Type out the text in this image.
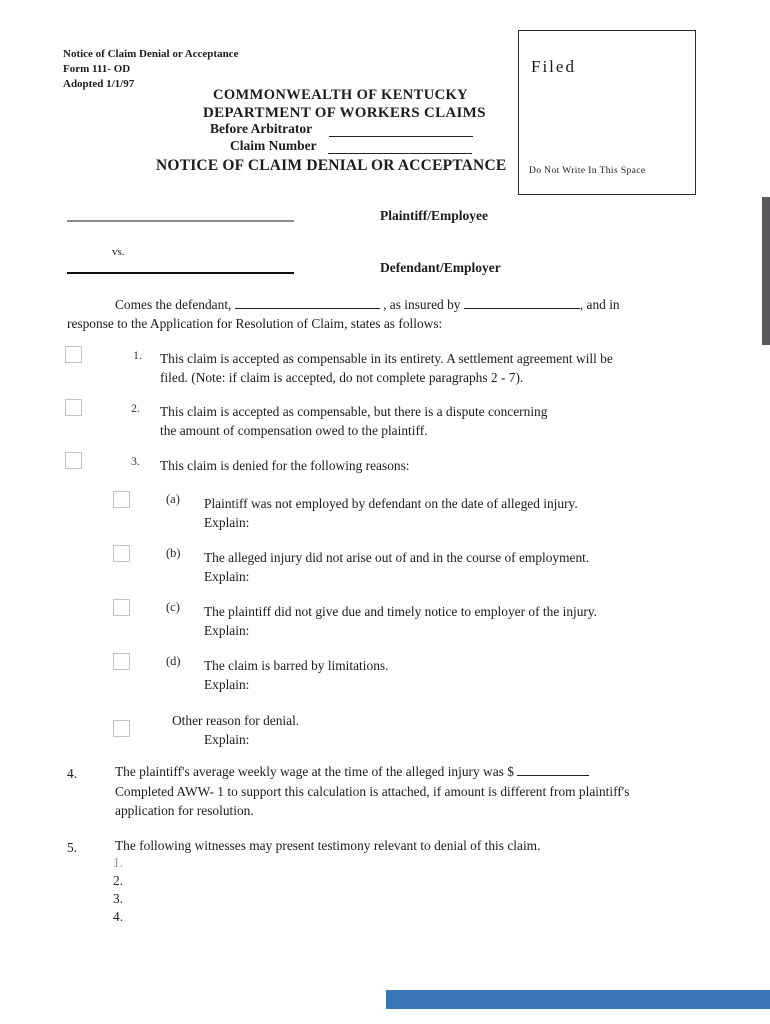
Notice of Claim Denial or Acceptance
Form 111- OD
Adopted 1/1/97
Filed
Do Not Write In This Space
COMMONWEALTH OF KENTUCKY
DEPARTMENT OF WORKERS CLAIMS
Before Arbitrator
Claim Number
NOTICE OF CLAIM DENIAL OR ACCEPTANCE
Plaintiff/Employee
vs.
Defendant/Employer
Comes the defendant,	, as insured by	, and in
response to the Application for Resolution of Claim, states as follows:
1. This claim is accepted as compensable in its entirety. A settlement agreement will be
filed. (Note: if claim is accepted, do not complete paragraphs 2 - 7).
2. This claim is accepted as compensable, but there is a dispute concerning
the amount of compensation owed to the plaintiff.
3. This claim is denied for the following reasons:
(a) Plaintiff was not employed by defendant on the date of alleged injury.
Explain:
(b) The alleged injury did not arise out of and in the course of employment.
Explain:
(c) The plaintiff did not give due and timely notice to employer of the injury.
Explain:
(d) The claim is barred by limitations.
Explain:
Other reason for denial.
Explain:
4.	The plaintiff's average weekly wage at the time of the alleged injury was $
Completed AWW- 1 to support this calculation is attached, if amount is different from plaintiff's
application for resolution.
5.	The following witnesses may present testimony relevant to denial of this claim.
1.
2.
3.
4.
